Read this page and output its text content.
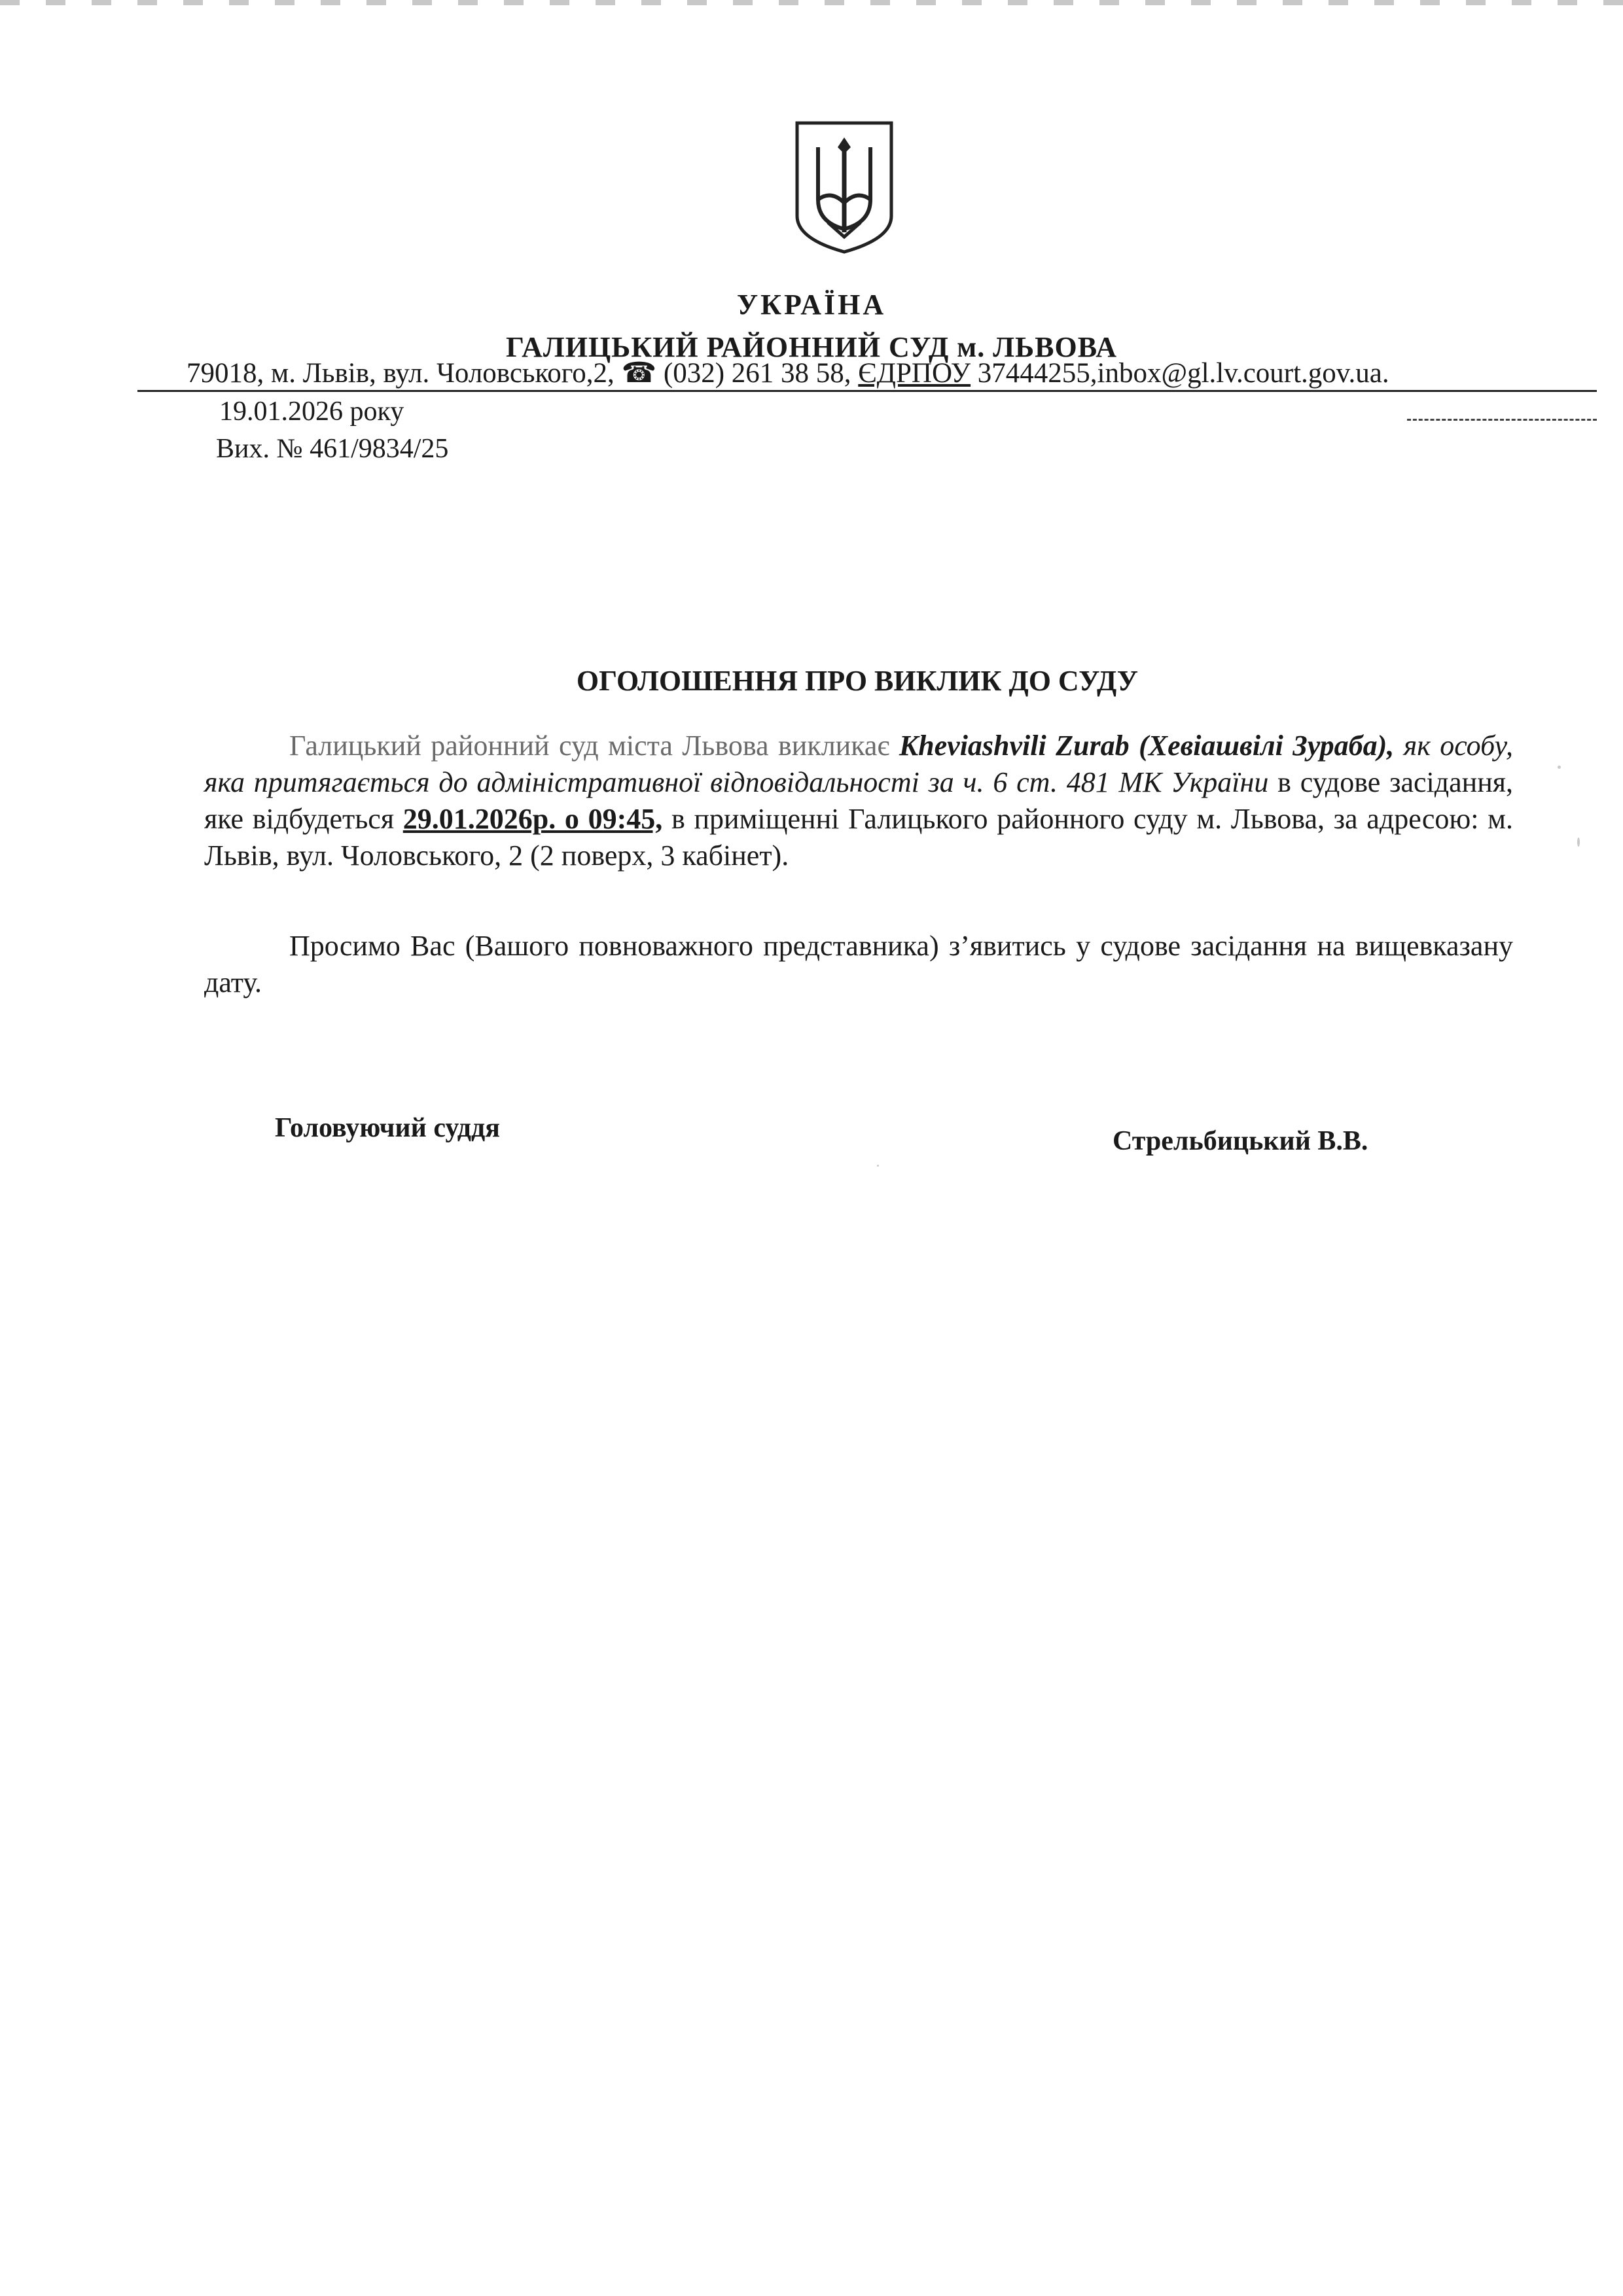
УКРАЇНА
ГАЛИЦЬКИЙ РАЙОННИЙ СУД м. ЛЬВОВА
79018, м. Львів, вул. Чоловського,2, ☎ (032) 261 38 58, ЄДРПОУ 37444255,inbox@gl.lv.court.gov.ua.
19.01.2026 року
Вих. № 461/9834/25
ОГОЛОШЕННЯ ПРО ВИКЛИК ДО СУДУ
Галицький районний суд міста Львова викликає Kheviashvili Zurab (Хевіашвілі Зураба), як особу, яка притягається до адміністративної відповідальності за ч. 6 ст. 481 МК України в судове засідання, яке відбудеться 29.01.2026р. о 09:45, в приміщенні Галицького районного суду м. Львова, за адресою: м. Львів, вул. Чоловського, 2 (2 поверх, 3 кабінет).
Просимо Вас (Вашого повноважного представника) з’явитись у судове засідання на вищевказану дату.
Головуючий суддя	Стрельбицький В.В.
